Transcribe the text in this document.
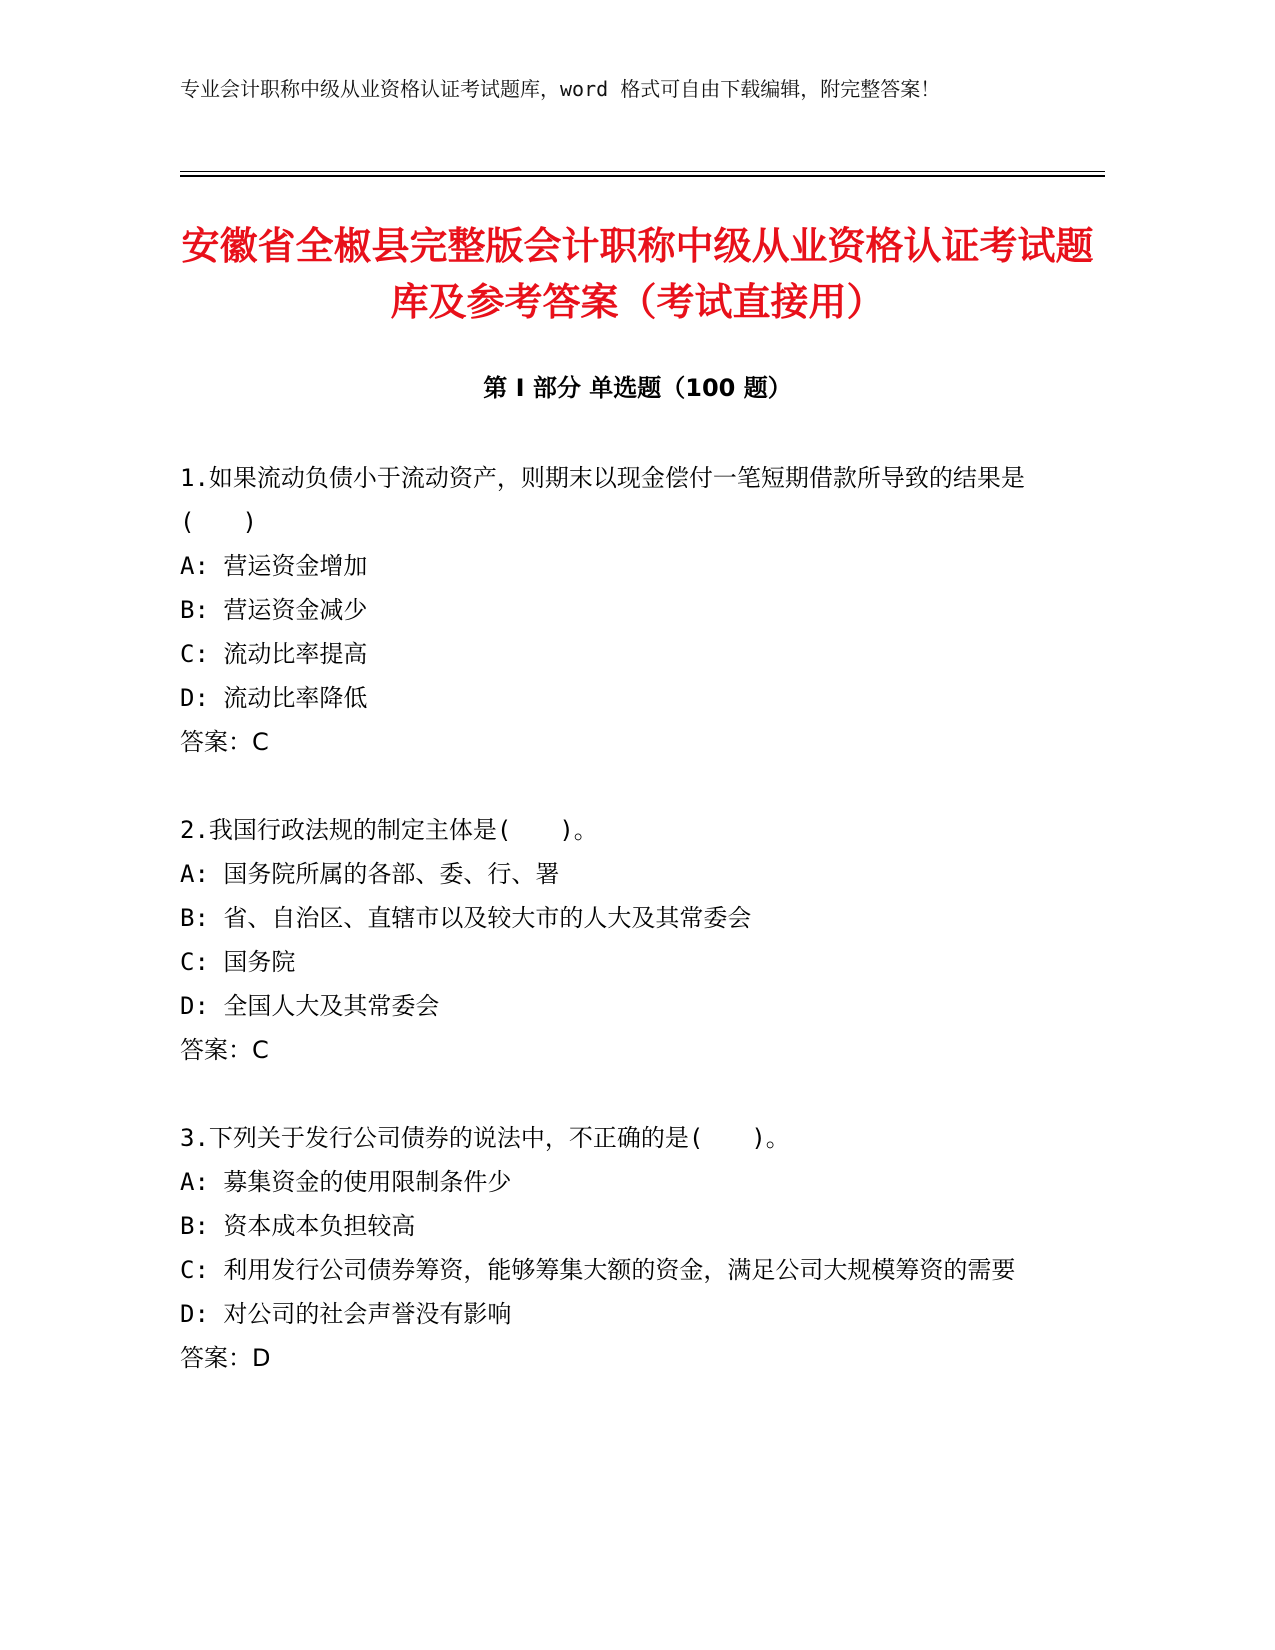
专业会计职称中级从业资格认证考试题库，word 格式可自由下载编辑，附完整答案！
安徽省全椒县完整版会计职称中级从业资格认证考试题库及参考答案（考试直接用）
第 I 部分 单选题（100 题）
1.如果流动负债小于流动资产，则期末以现金偿付一笔短期借款所导致的结果是(　　)
A: 营运资金增加
B: 营运资金减少
C: 流动比率提高
D: 流动比率降低
答案：C
2.我国行政法规的制定主体是(　　)。
A: 国务院所属的各部、委、行、署
B: 省、自治区、直辖市以及较大市的人大及其常委会
C: 国务院
D: 全国人大及其常委会
答案：C
3.下列关于发行公司债券的说法中，不正确的是(　　)。
A: 募集资金的使用限制条件少
B: 资本成本负担较高
C: 利用发行公司债券筹资，能够筹集大额的资金，满足公司大规模筹资的需要
D: 对公司的社会声誉没有影响
答案：D
